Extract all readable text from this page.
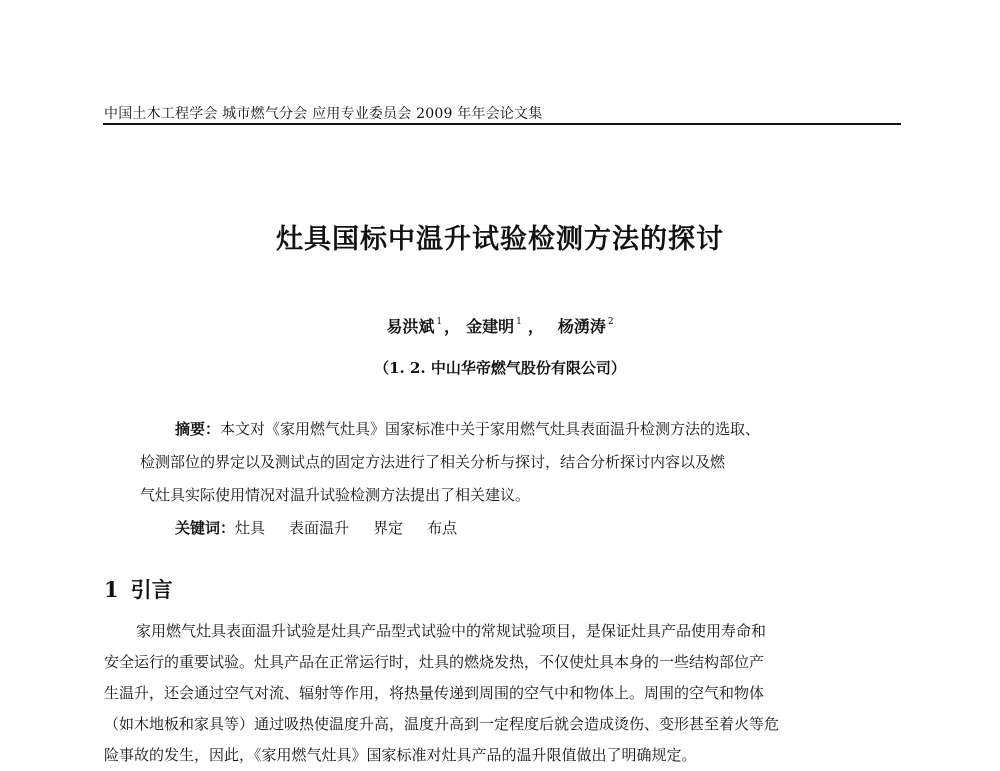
中国土木工程学会 城市燃气分会 应用专业委员会 2009 年年会论文集
灶具国标中温升试验检测方法的探讨
易洪斌 $^1$ ， 金建明 $^1$ ， 杨湧涛 $^2$
（1. 2. 中山华帝燃气股份有限公司）
摘要：本文对《家用燃气灶具》国家标准中关于家用燃气灶具表面温升检测方法的选取、
检测部位的界定以及测试点的固定方法进行了相关分析与探讨，结合分析探讨内容以及燃
气灶具实际使用情况对温升试验检测方法提出了相关建议。
关键词：灶具 表面温升 界定 布点
1 引言
家用燃气灶具表面温升试验是灶具产品型式试验中的常规试验项目，是保证灶具产品使用寿命和
安全运行的重要试验。灶具产品在正常运行时，灶具的燃烧发热，不仅使灶具本身的一些结构部位产
生温升，还会通过空气对流、辐射等作用，将热量传递到周围的空气中和物体上。周围的空气和物体
（如木地板和家具等）通过吸热使温度升高，温度升高到一定程度后就会造成烫伤、变形甚至着火等危
险事故的发生，因此，《家用燃气灶具》国家标准对灶具产品的温升限值做出了明确规定。
